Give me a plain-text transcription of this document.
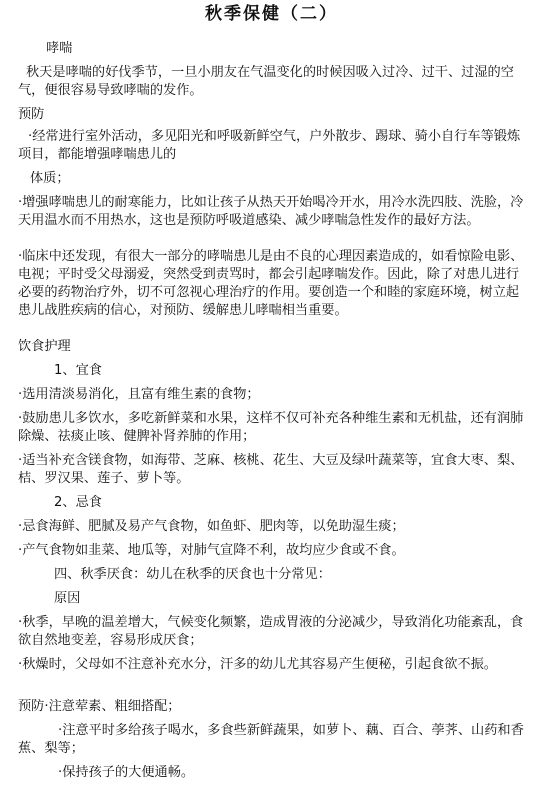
秋季保健（二）
哮喘
秋天是哮喘的好伐季节，一旦小朋友在气温变化的时候因吸入过冷、过干、过湿的空气，便很容易导致哮喘的发作。
预防
·经常进行室外活动，多见阳光和呼吸新鲜空气，户外散步、踢球、骑小自行车等锻炼项目，都能增强哮喘患儿的
体质；
·增强哮喘患儿的耐寒能力，比如让孩子从热天开始喝冷开水，用冷水洗四肢、洗脸，冷天用温水而不用热水，这也是预防呼吸道感染、减少哮喘急性发作的最好方法。
·临床中还发现，有很大一部分的哮喘患儿是由不良的心理因素造成的，如看惊险电影、电视；平时受父母溺爱，突然受到责骂时，都会引起哮喘发作。因此，除了对患儿进行必要的药物治疗外，切不可忽视心理治疗的作用。要创造一个和睦的家庭环境，树立起患儿战胜疾病的信心，对预防、缓解患儿哮喘相当重要。
饮食护理
1、宜食
·选用清淡易消化，且富有维生素的食物；
·鼓励患儿多饮水，多吃新鲜菜和水果，这样不仅可补充各种维生素和无机盐，还有润肺除燥、祛痰止咳、健脾补肾养肺的作用；
·适当补充含镁食物，如海带、芝麻、核桃、花生、大豆及绿叶蔬菜等，宜食大枣、梨、桔、罗汉果、莲子、萝卜等。
2、忌食
·忌食海鲜、肥腻及易产气食物，如鱼虾、肥肉等，以免助湿生痰；
·产气食物如韭菜、地瓜等，对肺气宣降不利，故均应少食或不食。
四、秋季厌食：幼儿在秋季的厌食也十分常见：
原因
·秋季，早晚的温差增大，气候变化频繁，造成胃液的分泌减少，导致消化功能紊乱，食欲自然地变差，容易形成厌食；
·秋燥时，父母如不注意补充水分，汗多的幼儿尤其容易产生便秘，引起食欲不振。
预防·注意荤素、粗细搭配；
·注意平时多给孩子喝水，多食些新鲜蔬果，如萝卜、藕、百合、荸荠、山药和香蕉、梨等；
·保持孩子的大便通畅。
